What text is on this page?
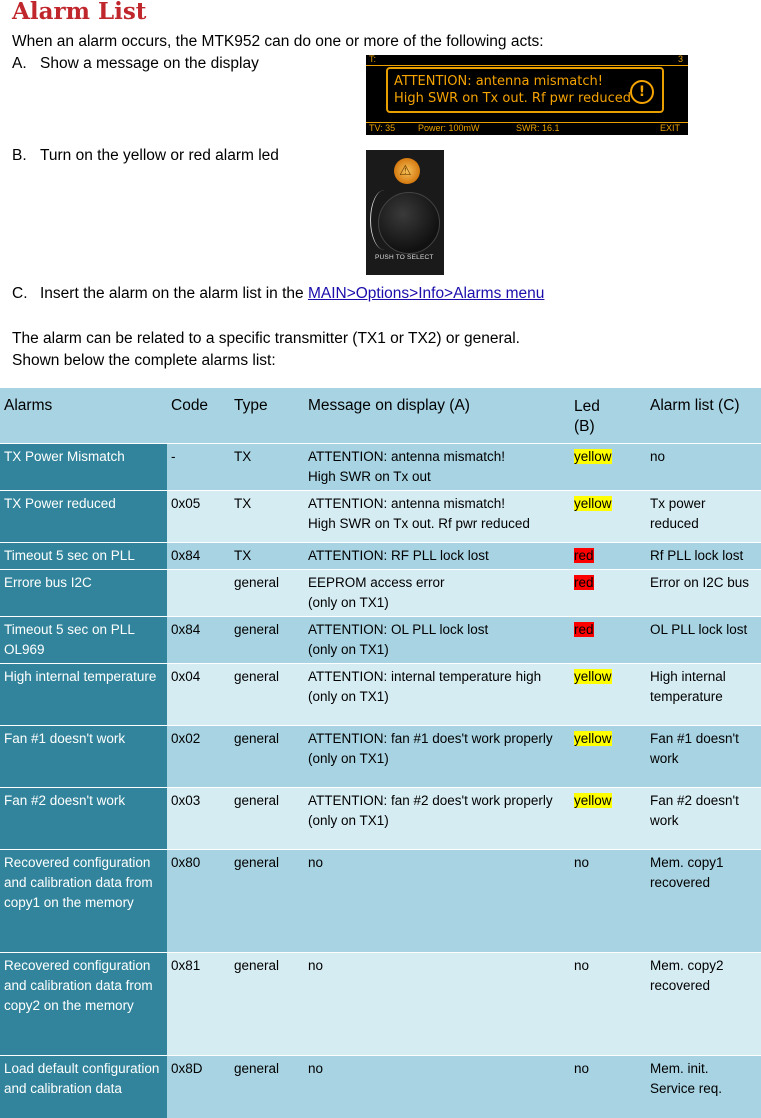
Alarm List
When an alarm occurs, the MTK952 can do one or more of the following acts:
A. Show a message on the display	T:	3
ATTENTION: antenna mismatch!
High SWR on Tx out. Rf pwr reduced !
TV: 35	Power: 100mW	SWR: 16.1	EXIT
B. Turn on the yellow or red alarm led
⚠
PUSH TO SELECT
C. Insert the alarm on the alarm list in the MAIN>Options>Info>Alarms menu
The alarm can be related to a specific transmitter (TX1 or TX2) or general.
Shown below the complete alarms list:
Alarms	Code	Type	Message on display (A)	Led
(B)	Alarm list (C)
TX Power Mismatch	-	TX	ATTENTION: antenna mismatch!
High SWR on Tx out	yellow	no
TX Power reduced	0x05	TX	ATTENTION: antenna mismatch!
High SWR on Tx out. Rf pwr reduced	yellow	Tx power reduced
Timeout 5 sec on PLL	0x84	TX	ATTENTION: RF PLL lock lost	red	Rf PLL lock lost
Errore bus I2C		general	EEPROM access error
(only on TX1)	red	Error on I2C bus
Timeout 5 sec on PLL OL969	0x84	general	ATTENTION: OL PLL lock lost
(only on TX1)	red	OL PLL lock lost
High internal temperature	0x04	general	ATTENTION: internal temperature high
(only on TX1)	yellow	High internal temperature
Fan #1 doesn't work	0x02	general	ATTENTION: fan #1 does't work properly
(only on TX1)	yellow	Fan #1 doesn't work
Fan #2 doesn't work	0x03	general	ATTENTION: fan #2 does't work properly
(only on TX1)	yellow	Fan #2 doesn't work
Recovered configuration and calibration data from copy1 on the memory	0x80	general	no	no	Mem. copy1 recovered
Recovered configuration and calibration data from copy2 on the memory	0x81	general	no	no	Mem. copy2 recovered
Load default configuration and calibration data	0x8D	general	no	no	Mem. init. Service req.
